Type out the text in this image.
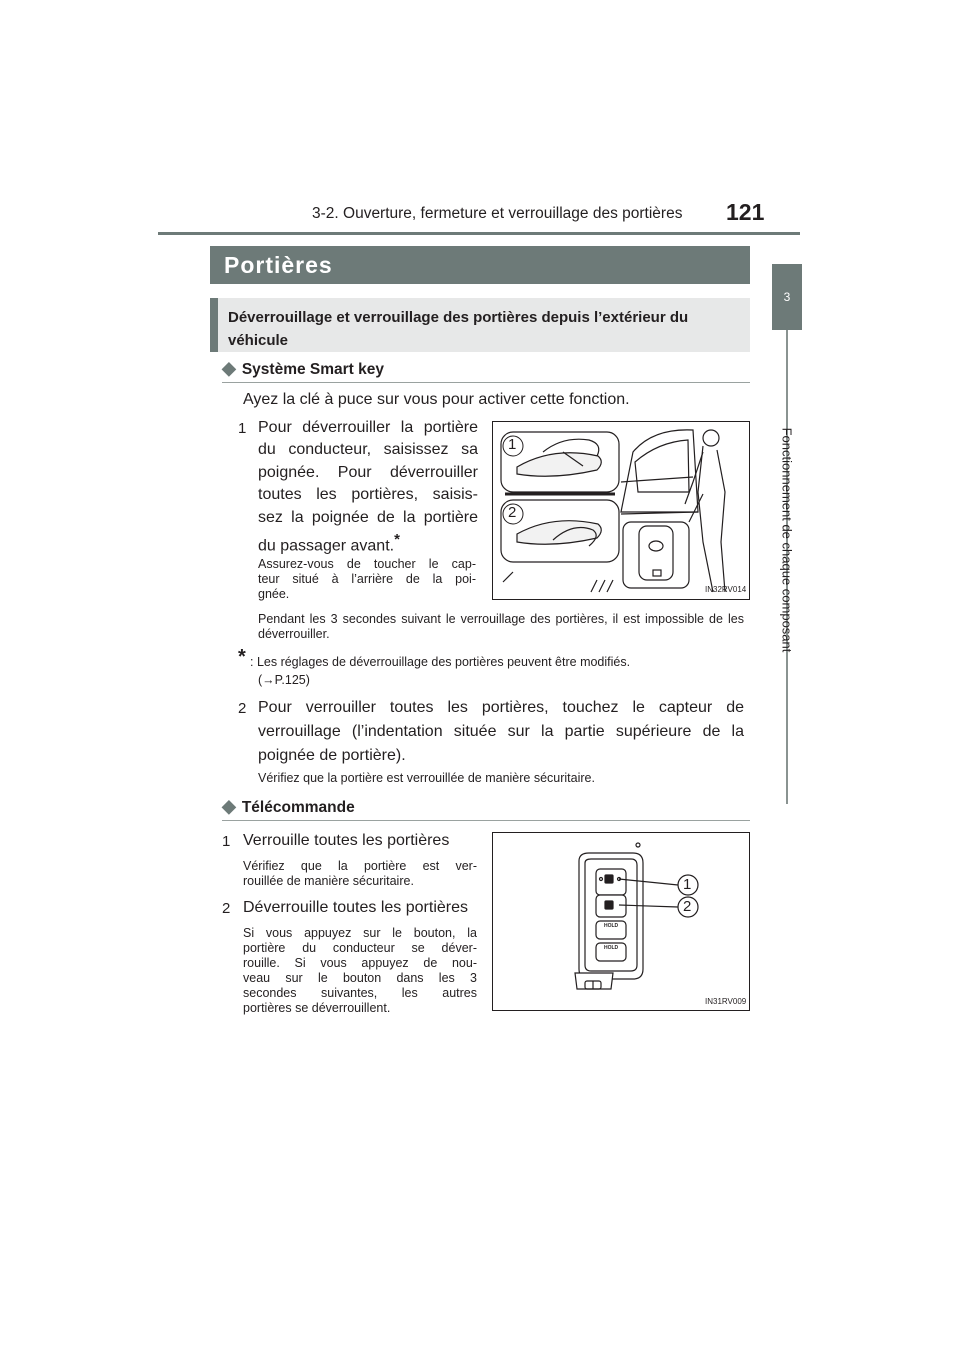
3-2. Ouverture, fermeture et verrouillage des portières 121
3
Fonctionnement de chaque composant
Portières
Déverrouillage et verrouillage des portières depuis l’extérieur du véhicule
◆ Système Smart key
Ayez la clé à puce sur vous pour activer cette fonction.
1 Pour déverrouiller la portière
du conducteur, saisissez sa
poignée. Pour déverrouiller
toutes les portières, saisis-
sez la poignée de la portière
du passager avant.*
Assurez-vous de toucher le cap-
teur situé à l’arrière de la poi-
gnée.
Pendant les 3 secondes suivant le verrouillage des portières, il est impossible de les déverrouiller.
* : Les réglages de déverrouillage des portières peuvent être modifiés.
(→P.125)
2 Pour verrouiller toutes les portières, touchez le capteur de verrouillage (l’indentation située sur la partie supérieure de la poignée de portière).
Vérifiez que la portière est verrouillée de manière sécuritaire.
1
2
IN32RV014
◆ Télécommande
1 Verrouille toutes les portières
Vérifiez que la portière est ver-
rouillée de manière sécuritaire.
2 Déverrouille toutes les portières
Si vous appuyez sur le bouton, la
portière du conducteur se déver-
rouille. Si vous appuyez de nou-
veau sur le bouton dans les 3
secondes suivantes, les autres
portières se déverrouillent.
HOLD
HOLD
1
2
IN31RV009
